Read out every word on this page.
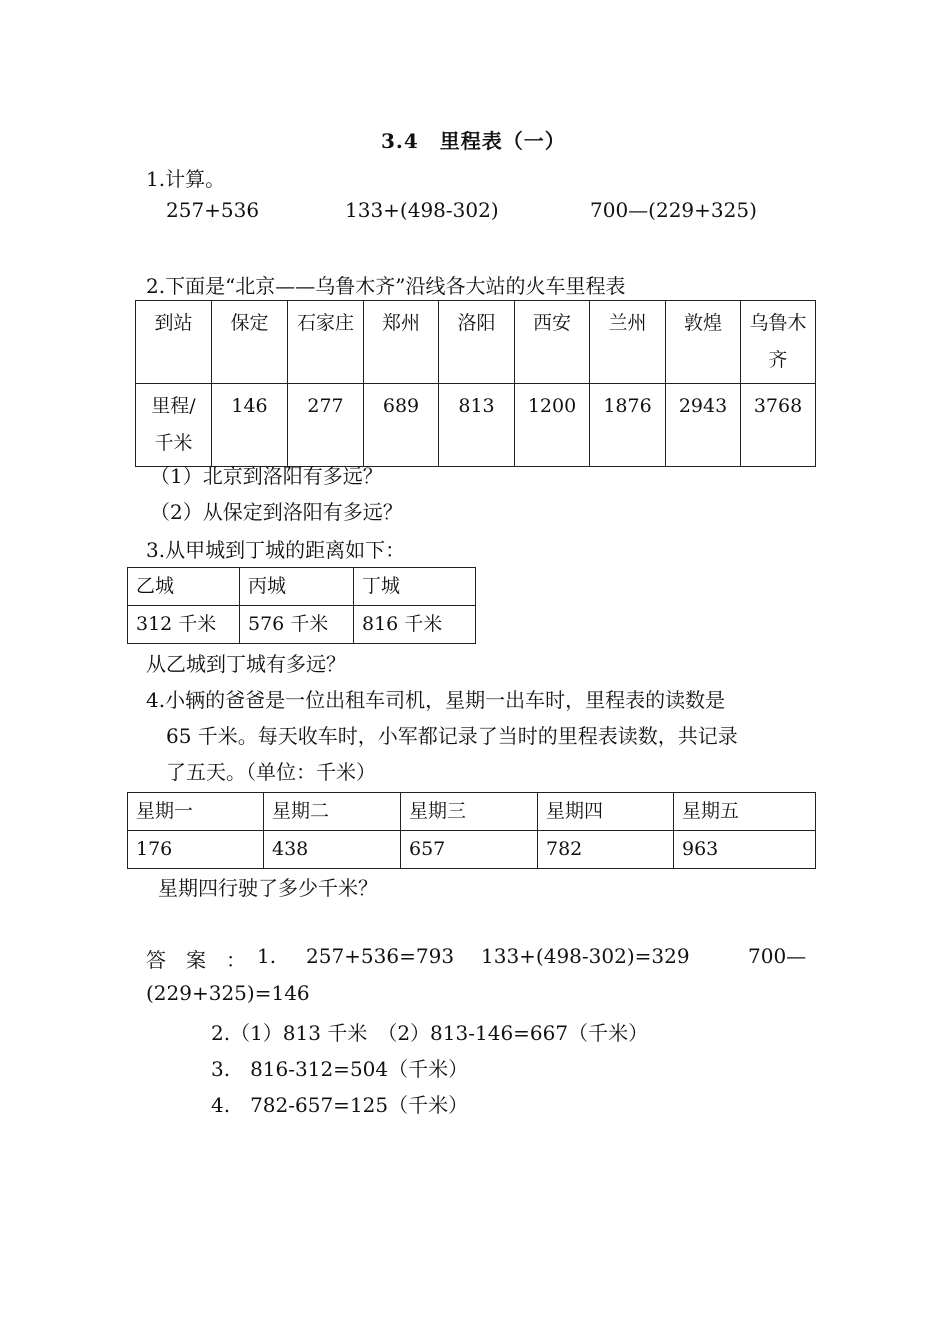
3.4　里程表（一）
1.计算。
257+536	133+(498-302)	700—(229+325)
2.下面是“北京——乌鲁木齐”沿线各大站的火车里程表
到站	保定	石家庄	郑州	洛阳	西安	兰州	敦煌	乌鲁木齐
里程/千米	146	277	689	813	1200	1876	2943	3768
（1）北京到洛阳有多远？
（2）从保定到洛阳有多远？
3.从甲城到丁城的距离如下：
乙城	丙城	丁城
312 千米	576 千米	816 千米
从乙城到丁城有多远？
4.小辆的爸爸是一位出租车司机，星期一出车时，里程表的读数是
65 千米。每天收车时，小军都记录了当时的里程表读数，共记录
了五天。（单位：千米）
星期一	星期二	星期三	星期四	星期五
176	438	657	782	963
星期四行驶了多少千米？
答　案　： 1. 257+536=793 133+(498-302)=329	700—
(229+325)=146
2.（1）813 千米　（2）813-146=667（千米）
3.　816-312=504（千米）
4.　782-657=125（千米）
